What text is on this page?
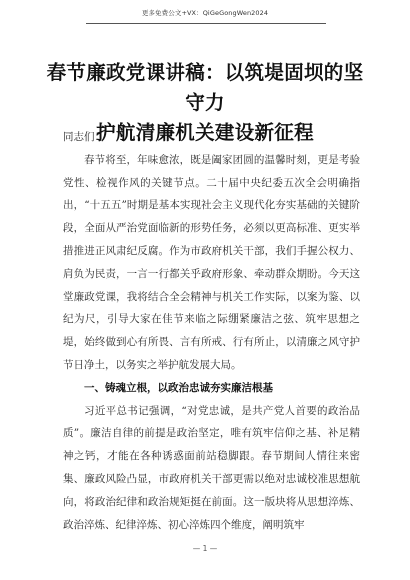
更多免费公文+VX：QiGeGongWen2024
春节廉政党课讲稿：以筑堤固坝的坚守力
护航清廉机关建设新征程

同志们：

春节将至，年味愈浓，既是阖家团圆的温馨时刻，更是考验党性、检视作风的关键节点。二十届中央纪委五次全会明确指出，“十五五”时期是基本实现社会主义现代化夯实基础的关键阶段，全面从严治党面临新的形势任务，必须以更高标准、更实举措推进正风肃纪反腐。作为市政府机关干部，我们手握公权力、肩负为民责，一言一行都关乎政府形象、牵动群众期盼。今天这堂廉政党课，我将结合全会精神与机关工作实际，以案为鉴、以纪为尺，引导大家在佳节来临之际绷紧廉洁之弦、筑牢思想之堤，始终做到心有所畏、言有所戒、行有所止，以清廉之风守护节日净土，以务实之举护航发展大局。

一、铸魂立根，以政治忠诚夯实廉洁根基

习近平总书记强调，“对党忠诚，是共产党人首要的政治品质”。廉洁自律的前提是政治坚定，唯有筑牢信仰之基、补足精神之钙，才能在各种诱惑面前站稳脚跟。春节期间人情往来密集、廉政风险凸显，市政府机关干部更需以绝对忠诚校准思想航向，将政治纪律和政治规矩挺在前面。这一版块将从思想淬炼、政治淬炼、纪律淬炼、初心淬炼四个维度，阐明筑牢

— 1 —
